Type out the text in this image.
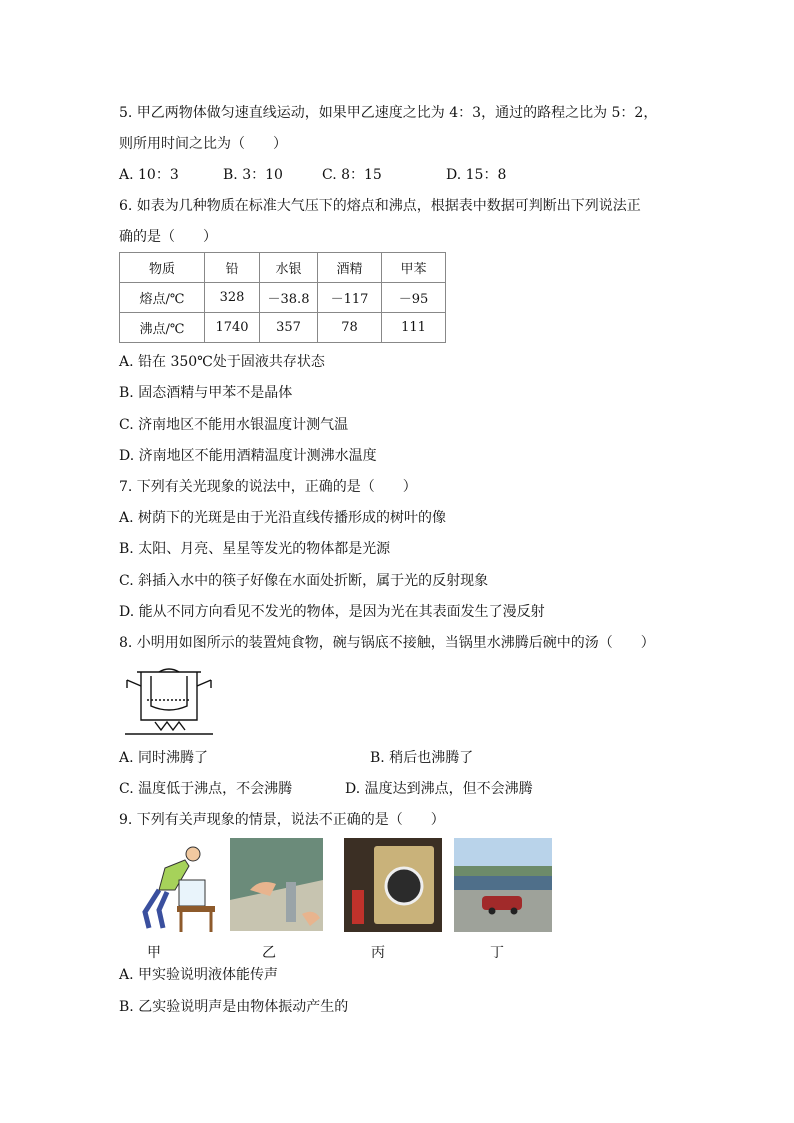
5. 甲乙两物体做匀速直线运动，如果甲乙速度之比为 4：3，通过的路程之比为 5：2，
则所用时间之比为（　　）
A. 10：3	B. 3：10	C. 8：15	D. 15：8
6. 如表为几种物质在标准大气压下的熔点和沸点，根据表中数据可判断出下列说法正
确的是（　　）
物质	铅	水银	酒精	甲苯
熔点/℃	328	－38.8	－117	－95
沸点/℃	1740	357	78	111
A. 铅在 350℃处于固液共存状态
B. 固态酒精与甲苯不是晶体
C. 济南地区不能用水银温度计测气温
D. 济南地区不能用酒精温度计测沸水温度
7. 下列有关光现象的说法中，正确的是（　　）
A. 树荫下的光斑是由于光沿直线传播形成的树叶的像
B. 太阳、月亮、星星等发光的物体都是光源
C. 斜插入水中的筷子好像在水面处折断，属于光的反射现象
D. 能从不同方向看见不发光的物体，是因为光在其表面发生了漫反射
8. 小明用如图所示的装置炖食物，碗与锅底不接触，当锅里水沸腾后碗中的汤（　　）
A. 同时沸腾了	B. 稍后也沸腾了
C. 温度低于沸点，不会沸腾	D. 温度达到沸点，但不会沸腾
9. 下列有关声现象的情景，说法不正确的是（　　）
甲	乙	丙	丁
A. 甲实验说明液体能传声
B. 乙实验说明声是由物体振动产生的
